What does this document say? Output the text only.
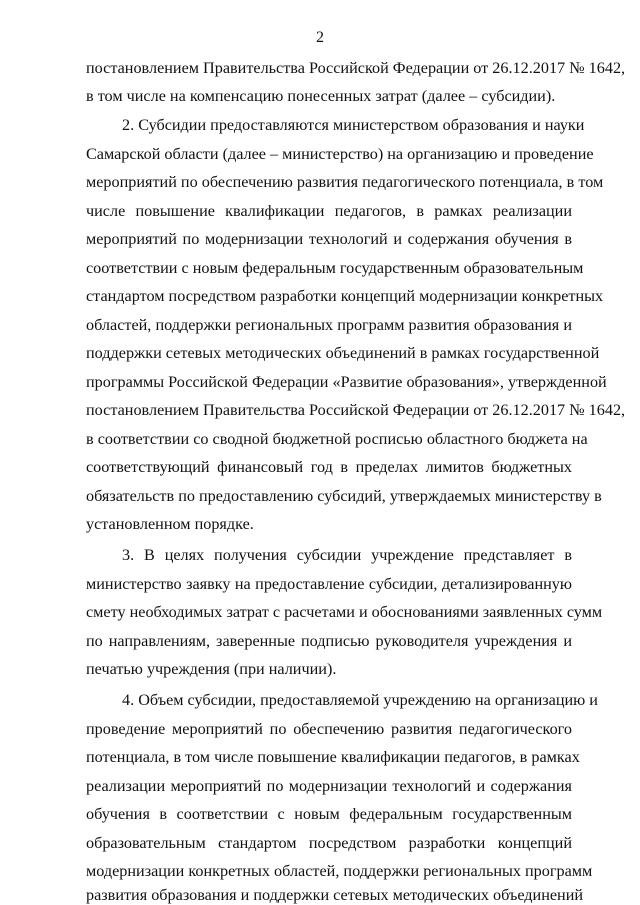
2
постановлением Правительства Российской Федерации от 26.12.2017 № 1642,
в том числе на компенсацию понесенных затрат (далее – субсидии).
2. Субсидии предоставляются министерством образования и науки
Самарской области (далее – министерство) на организацию и проведение
мероприятий по обеспечению развития педагогического потенциала, в том
числе повышение квалификации педагогов, в рамках реализации
мероприятий по модернизации технологий и содержания обучения в
соответствии с новым федеральным государственным образовательным
стандартом посредством разработки концепций модернизации конкретных
областей, поддержки региональных программ развития образования и
поддержки сетевых методических объединений в рамках государственной
программы Российской Федерации «Развитие образования», утвержденной
постановлением Правительства Российской Федерации от 26.12.2017 № 1642,
в соответствии со сводной бюджетной росписью областного бюджета на
соответствующий финансовый год в пределах лимитов бюджетных
обязательств по предоставлению субсидий, утверждаемых министерству в
установленном порядке.
3. В целях получения субсидии учреждение представляет в
министерство заявку на предоставление субсидии, детализированную
смету необходимых затрат с расчетами и обоснованиями заявленных сумм
по направлениям, заверенные подписью руководителя учреждения и
печатью учреждения (при наличии).
4. Объем субсидии, предоставляемой учреждению на организацию и
проведение мероприятий по обеспечению развития педагогического
потенциала, в том числе повышение квалификации педагогов, в рамках
реализации мероприятий по модернизации технологий и содержания
обучения в соответствии с новым федеральным государственным
образовательным стандартом посредством разработки концепций
модернизации конкретных областей, поддержки региональных программ
развития образования и поддержки сетевых методических объединений
